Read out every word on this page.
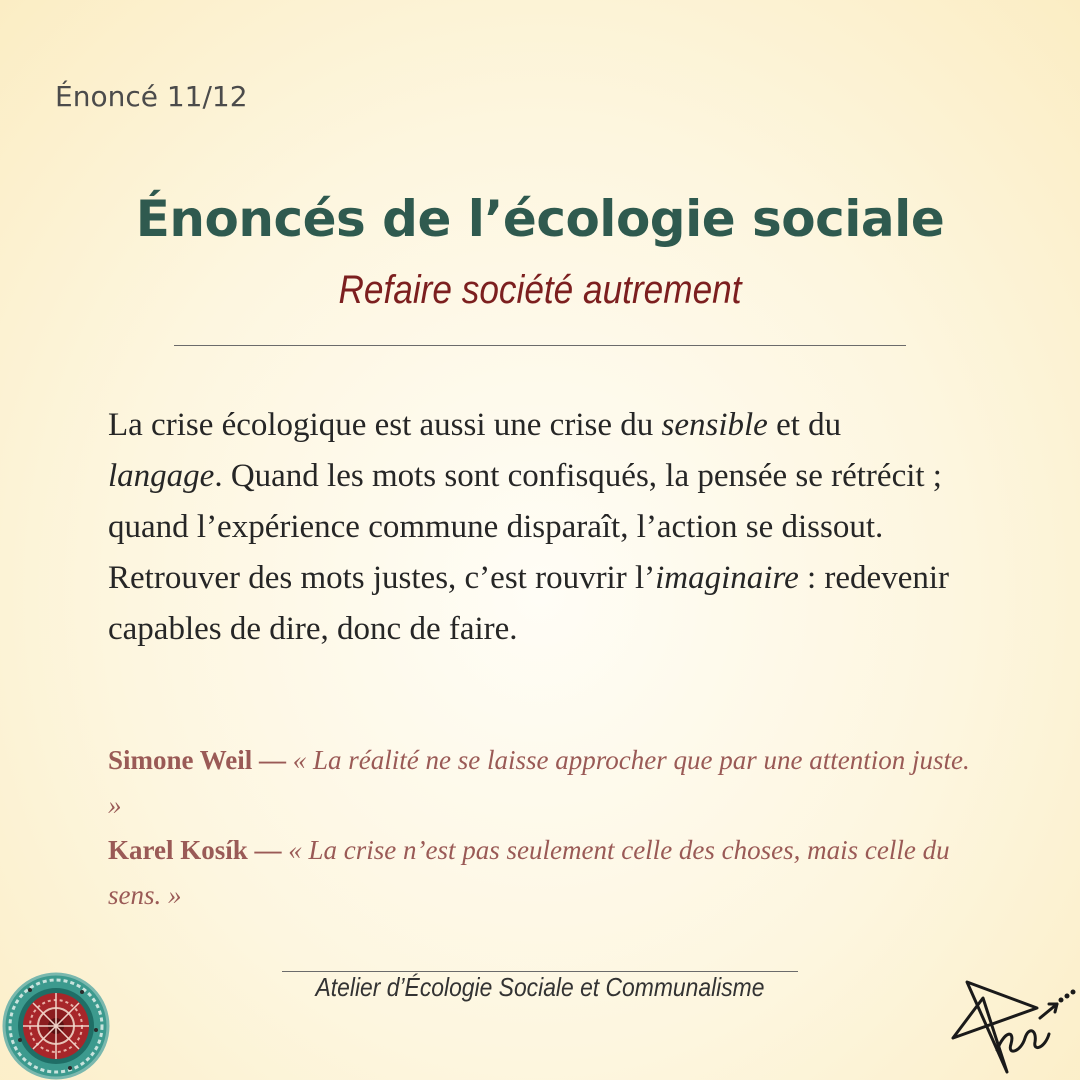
Énoncé 11/12
Énoncés de l’écologie sociale
Refaire société autrement
La crise écologique est aussi une crise du sensible et du langage. Quand les mots sont confisqués, la pensée se rétrécit ; quand l’expérience commune disparaît, l’action se dissout. Retrouver des mots justes, c’est rouvrir l’imaginaire : redevenir capables de dire, donc de faire.
Simone Weil — « La réalité ne se laisse approcher que par une attention juste. »
Karel Kosík — « La crise n’est pas seulement celle des choses, mais celle du sens. »
Atelier d’Écologie Sociale et Communalisme
